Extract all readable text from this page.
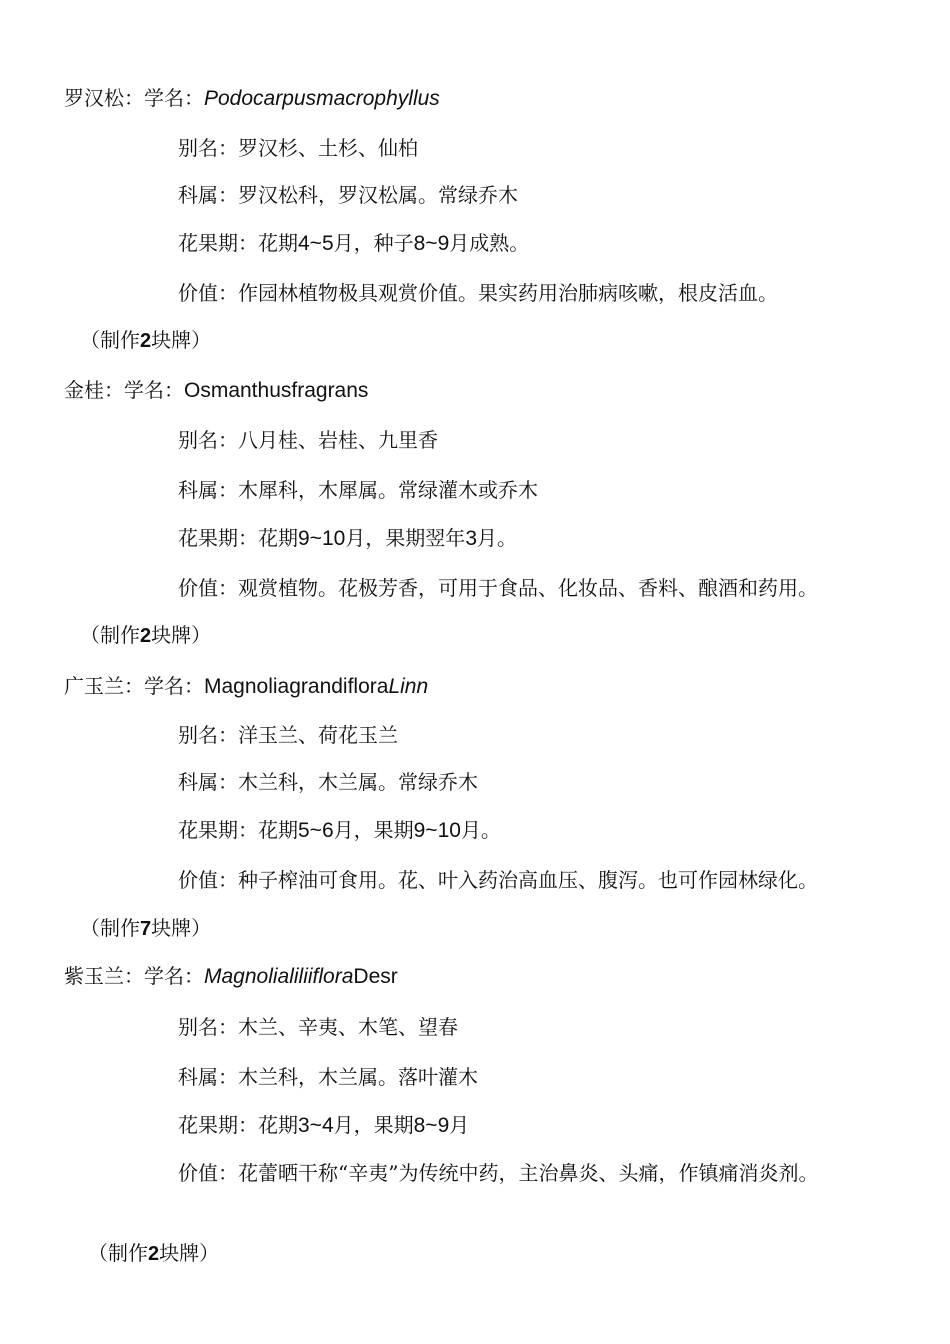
罗汉松：学名：Podocarpusmacrophyllus
别名：罗汉杉、土杉、仙柏
科属：罗汉松科，罗汉松属。常绿乔木
花果期：花期4~5月，种子8~9月成熟。
价值：作园林植物极具观赏价值。果实药用治肺病咳嗽，根皮活血。
（制作2块牌）
金桂：学名：Osmanthusfragrans
别名：八月桂、岩桂、九里香
科属：木犀科，木犀属。常绿灌木或乔木
花果期：花期9~10月，果期翌年3月。
价值：观赏植物。花极芳香，可用于食品、化妆品、香料、酿酒和药用。
（制作2块牌）
广玉兰：学名：MagnoliagrandifloraLinn
别名：洋玉兰、荷花玉兰
科属：木兰科，木兰属。常绿乔木
花果期：花期5~6月，果期9~10月。
价值：种子榨油可食用。花、叶入药治高血压、腹泻。也可作园林绿化。
（制作7块牌）
紫玉兰：学名：MagnolialiliifloraDesr
别名：木兰、辛夷、木笔、望春
科属：木兰科，木兰属。落叶灌木
花果期：花期3~4月，果期8~9月
价值：花蕾晒干称“辛夷”为传统中药，主治鼻炎、头痛，作镇痛消炎剂。
（制作2块牌）
